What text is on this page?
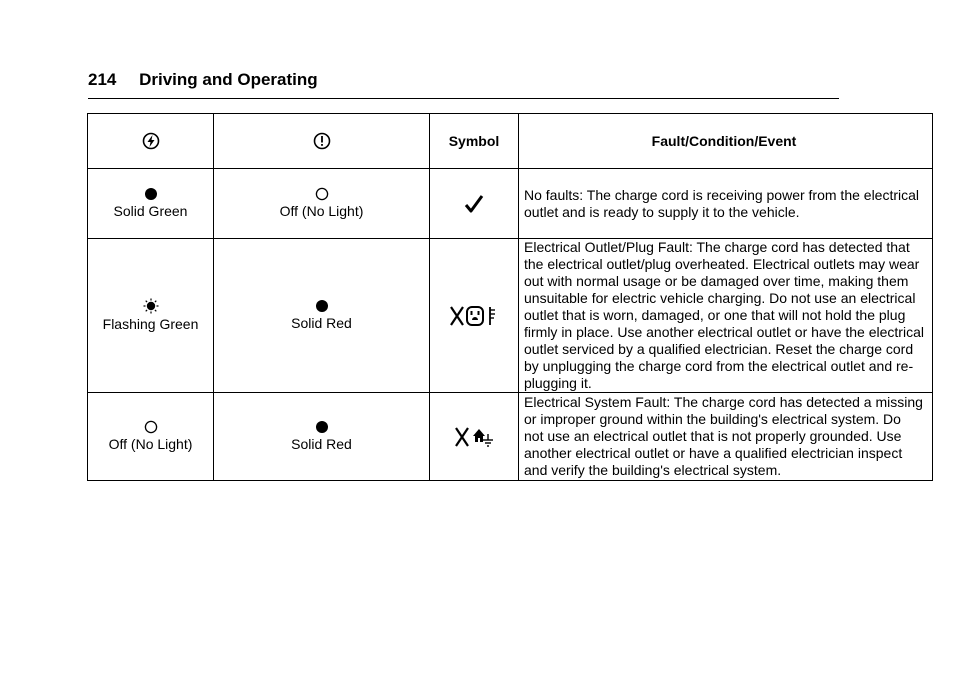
214 Driving and Operating
		Symbol	Fault/Condition/Event

Solid Green	Off (No Light)		No faults: The charge cord is receiving power from the electrical outlet and is ready to supply it to the vehicle.

Flashing Green	Solid Red		Electrical Outlet/Plug Fault: The charge cord has detected that the electrical outlet/plug overheated. Electrical outlets may wear out with normal usage or be damaged over time, making them unsuitable for electric vehicle charging. Do not use an electrical outlet that is worn, damaged, or one that will not hold the plug firmly in place. Use another electrical outlet or have the electrical outlet serviced by a qualified electrician. Reset the charge cord by unplugging the charge cord from the electrical outlet and re-plugging it.

Off (No Light)	Solid Red		Electrical System Fault: The charge cord has detected a missing or improper ground within the building's electrical system. Do not use an electrical outlet that is not properly grounded. Use another electrical outlet or have a qualified electrician inspect and verify the building's electrical system.
